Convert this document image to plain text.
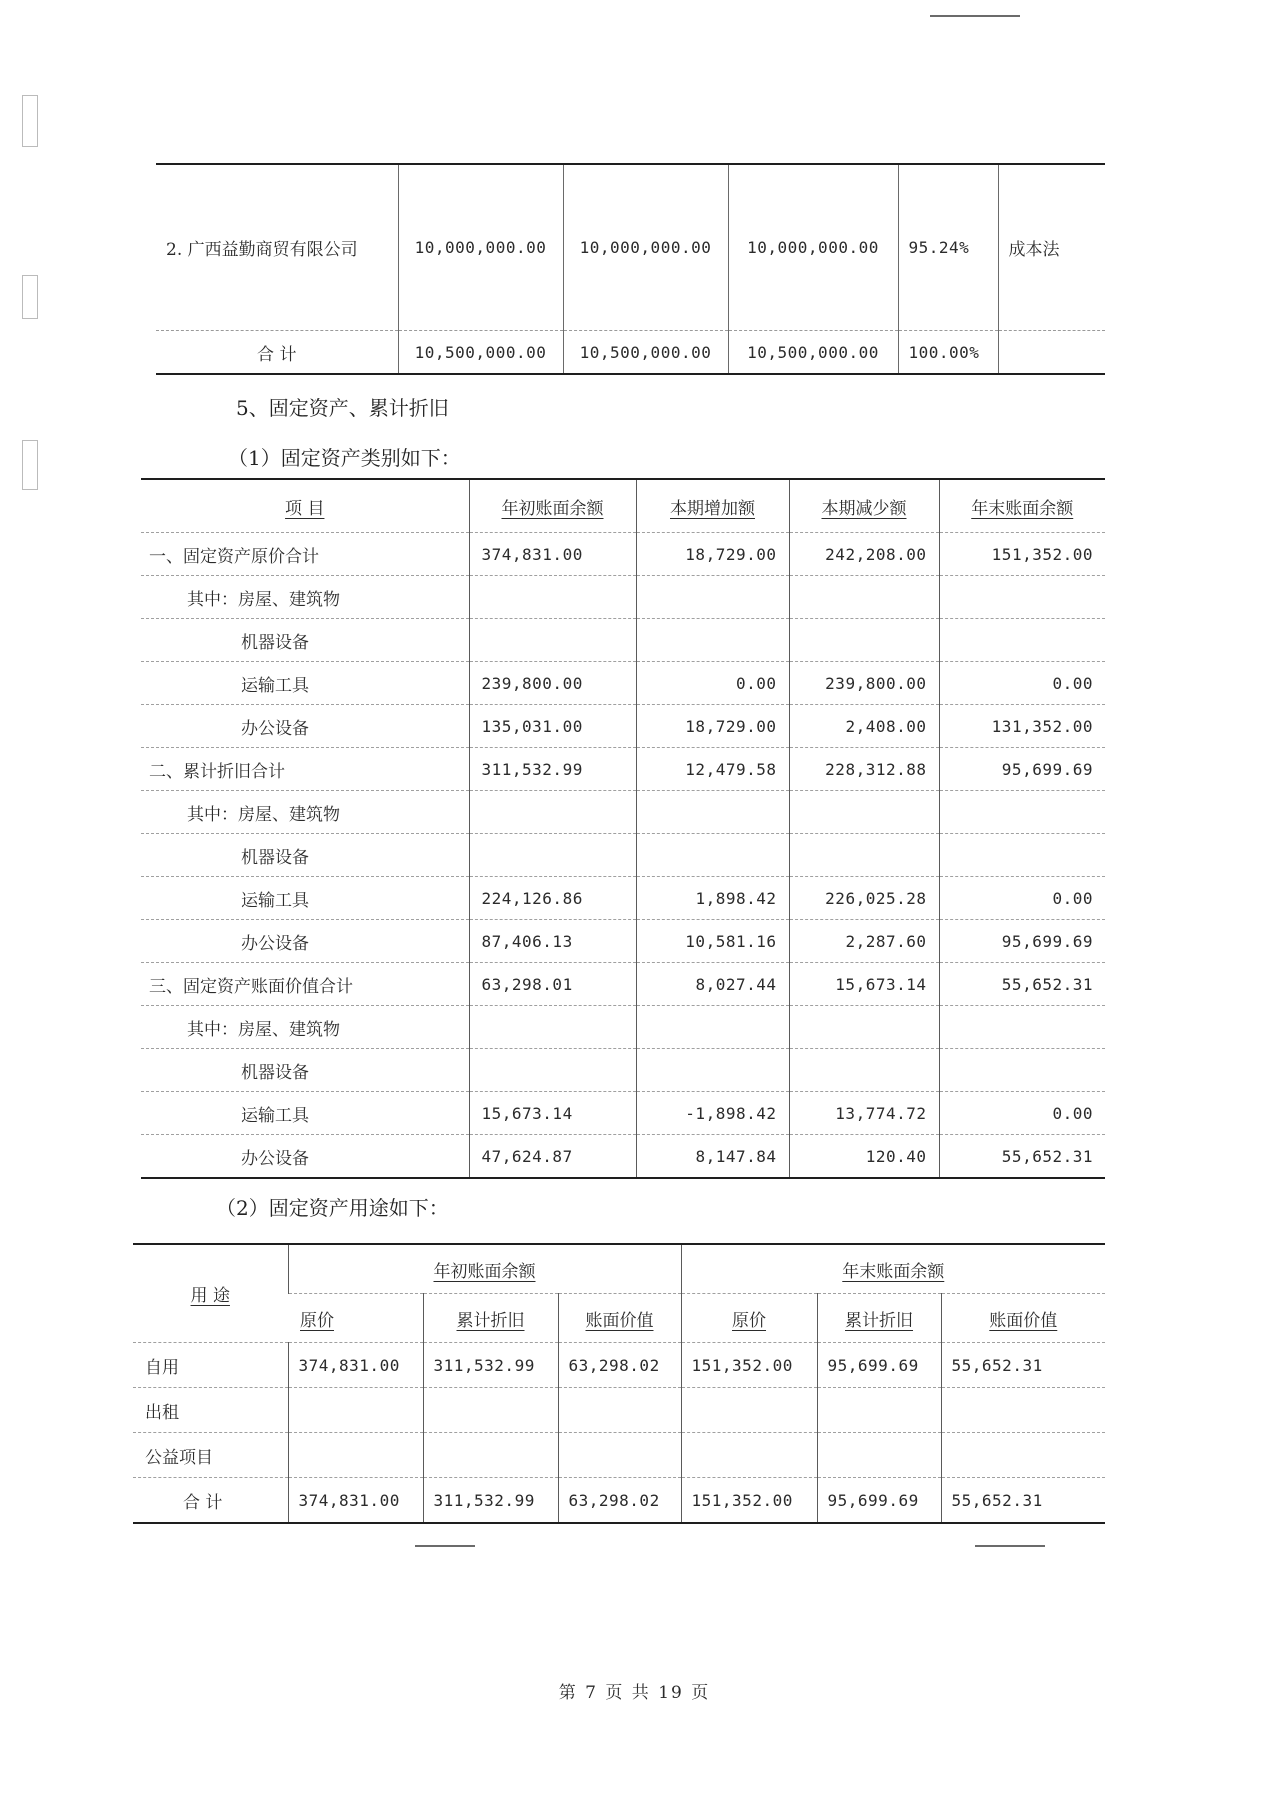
2. 广西益勤商贸有限公司	10,000,000.00	10,000,000.00	10,000,000.00	95.24%	成本法
合 计	10,500,000.00	10,500,000.00	10,500,000.00	100.00%	
5、固定资产、累计折旧
（1）固定资产类别如下：
项 目	年初账面余额	本期增加额	本期减少额	年末账面余额
一、固定资产原价合计	374,831.00	18,729.00	242,208.00	151,352.00
其中：房屋、建筑物				
机器设备				
运输工具	239,800.00	0.00	239,800.00	0.00
办公设备	135,031.00	18,729.00	2,408.00	131,352.00
二、累计折旧合计	311,532.99	12,479.58	228,312.88	95,699.69
其中：房屋、建筑物				
机器设备				
运输工具	224,126.86	1,898.42	226,025.28	0.00
办公设备	87,406.13	10,581.16	2,287.60	95,699.69
三、固定资产账面价值合计	63,298.01	8,027.44	15,673.14	55,652.31
其中：房屋、建筑物				
机器设备				
运输工具	15,673.14	-1,898.42	13,774.72	0.00
办公设备	47,624.87	8,147.84	120.40	55,652.31
（2）固定资产用途如下：
用 途	年初账面余额			年末账面余额		
	原价	累计折旧	账面价值	原价	累计折旧	账面价值
自用	374,831.00	311,532.99	63,298.02	151,352.00	95,699.69	55,652.31
出租						
公益项目						
合 计	374,831.00	311,532.99	63,298.02	151,352.00	95,699.69	55,652.31
第 7 页 共 19 页
